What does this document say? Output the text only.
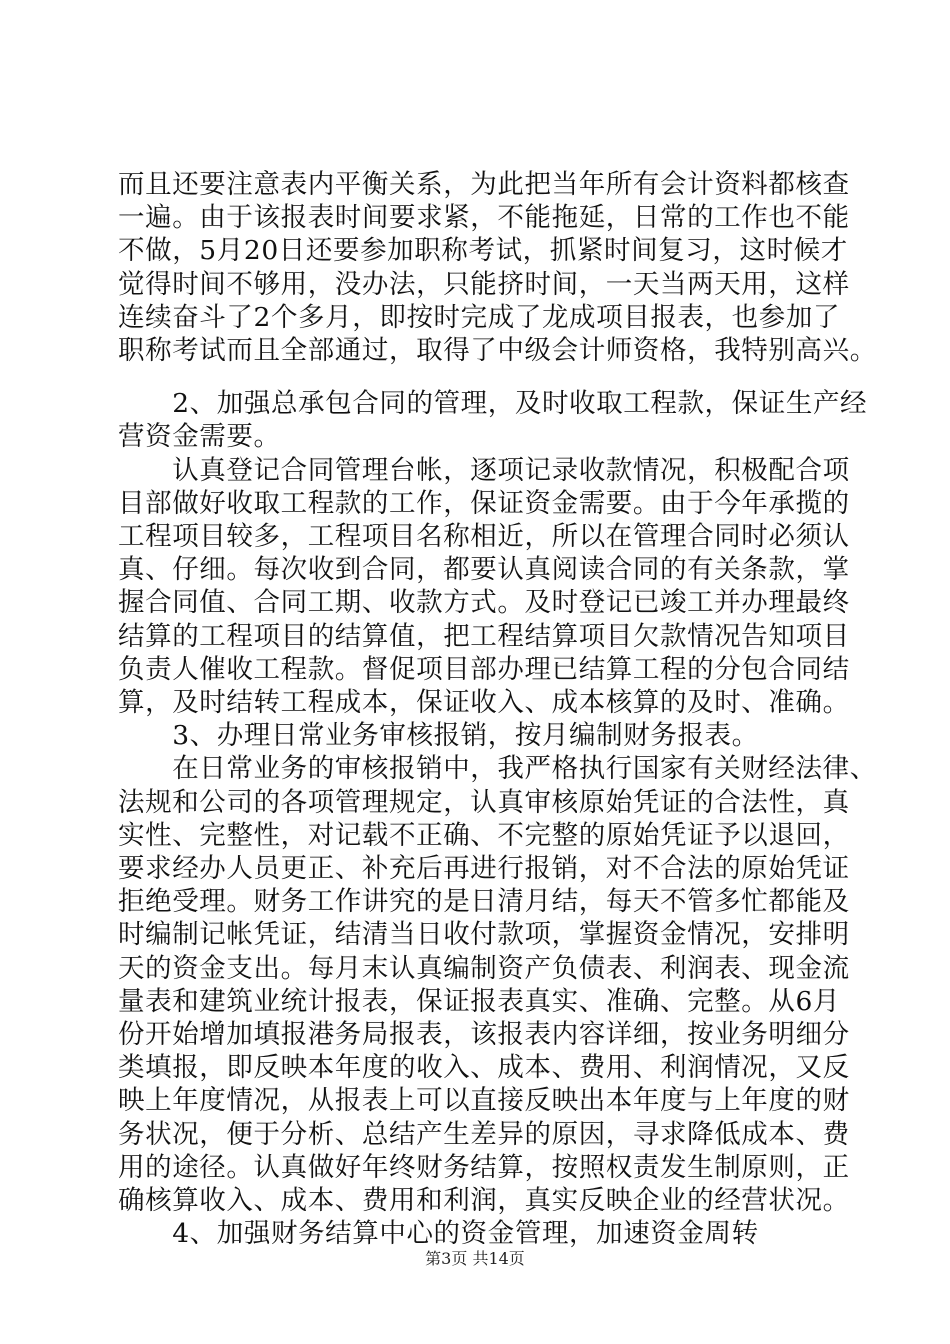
而且还要注意表内平衡关系，为此把当年所有会计资料都核查
一遍。由于该报表时间要求紧，不能拖延，日常的工作也不能
不做，5月20日还要参加职称考试，抓紧时间复习，这时候才
觉得时间不够用，没办法，只能挤时间，一天当两天用，这样
连续奋斗了2个多月，即按时完成了龙成项目报表，也参加了
职称考试而且全部通过，取得了中级会计师资格，我特别高兴。
　　2、加强总承包合同的管理，及时收取工程款，保证生产经
营资金需要。
　　认真登记合同管理台帐，逐项记录收款情况，积极配合项
目部做好收取工程款的工作，保证资金需要。由于今年承揽的
工程项目较多，工程项目名称相近，所以在管理合同时必须认
真、仔细。每次收到合同，都要认真阅读合同的有关条款，掌
握合同值、合同工期、收款方式。及时登记已竣工并办理最终
结算的工程项目的结算值，把工程结算项目欠款情况告知项目
负责人催收工程款。督促项目部办理已结算工程的分包合同结
算，及时结转工程成本，保证收入、成本核算的及时、准确。
　　3、办理日常业务审核报销，按月编制财务报表。
　　在日常业务的审核报销中，我严格执行国家有关财经法律、
法规和公司的各项管理规定，认真审核原始凭证的合法性，真
实性、完整性，对记载不正确、不完整的原始凭证予以退回，
要求经办人员更正、补充后再进行报销，对不合法的原始凭证
拒绝受理。财务工作讲究的是日清月结，每天不管多忙都能及
时编制记帐凭证，结清当日收付款项，掌握资金情况，安排明
天的资金支出。每月末认真编制资产负债表、利润表、现金流
量表和建筑业统计报表，保证报表真实、准确、完整。从6月
份开始增加填报港务局报表，该报表内容详细，按业务明细分
类填报，即反映本年度的收入、成本、费用、利润情况，又反
映上年度情况，从报表上可以直接反映出本年度与上年度的财
务状况，便于分析、总结产生差异的原因，寻求降低成本、费
用的途径。认真做好年终财务结算，按照权责发生制原则，正
确核算收入、成本、费用和利润，真实反映企业的经营状况。
　　4、加强财务结算中心的资金管理，加速资金周转
第3页 共14页
